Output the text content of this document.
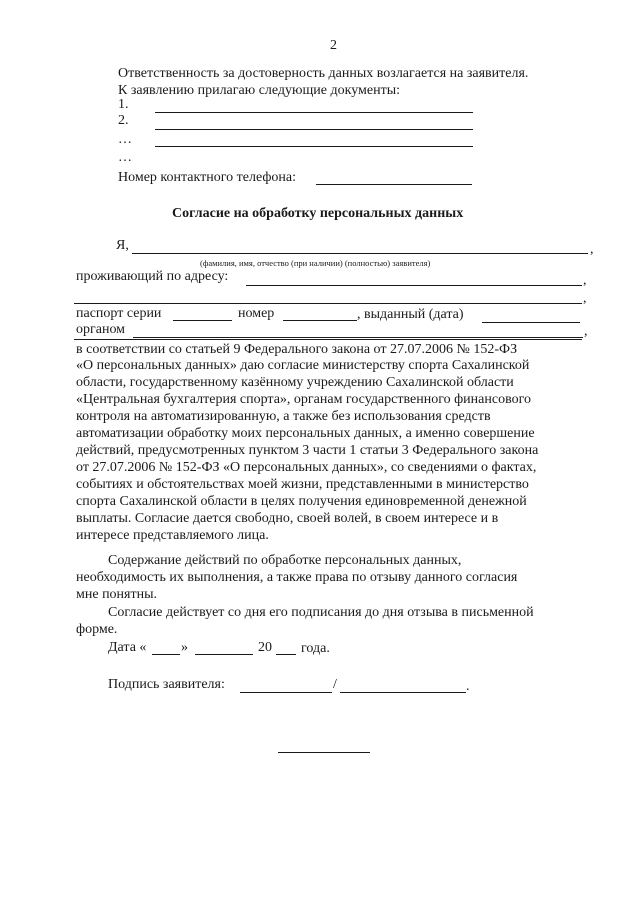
2
Ответственность за достоверность данных возлагается на заявителя.
К заявлению прилагаю следующие документы:
1.
2.
…
…
Номер контактного телефона:
Согласие на обработку персональных данных
Я,	,
(фамилия, имя, отчество (при наличии) (полностью) заявителя)
проживающий по адресу:	,
,
паспорт серии	номер	, выданный (дата)
органом	,
в соответствии со статьей 9 Федерального закона от 27.07.2006 № 152-ФЗ
«О персональных данных» даю согласие министерству спорта Сахалинской
области, государственному казённому учреждению Сахалинской области
«Центральная бухгалтерия спорта», органам государственного финансового
контроля на автоматизированную, а также без использования средств
автоматизации обработку моих персональных данных, а именно совершение
действий, предусмотренных пунктом 3 части 1 статьи 3 Федерального закона
от 27.07.2006 № 152-ФЗ «О персональных данных», со сведениями о фактах,
событиях и обстоятельствах моей жизни, представленными в министерство
спорта Сахалинской области в целях получения единовременной денежной
выплаты. Согласие дается свободно, своей волей, в своем интересе и в
интересе представляемого лица.
Содержание действий по обработке персональных данных,
необходимость их выполнения, а также права по отзыву данного согласия
мне понятны.
Согласие действует со дня его подписания до дня отзыва в письменной
форме.
Дата « »	20 года.
Подпись заявителя:	/	.
